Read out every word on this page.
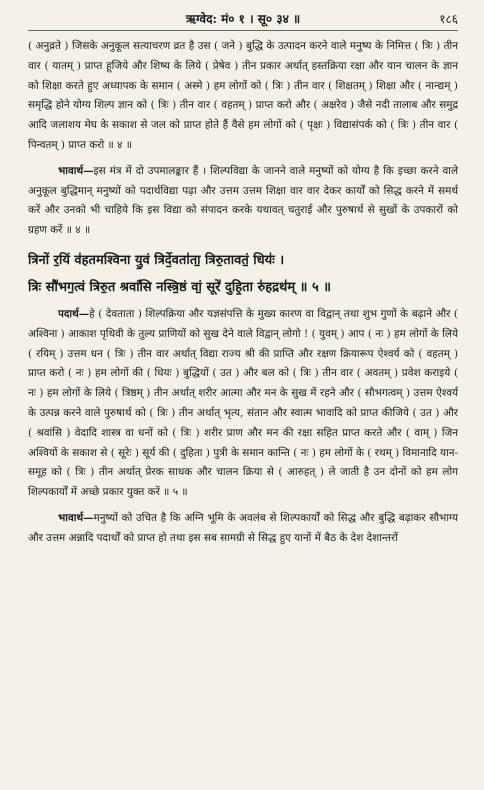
ऋग्वेद: मं० १ । सू० ३४ ॥	१८६

( अनुव्रते ) जिसके अनुकूल सत्याचरण व्रत है उस ( जने ) बुद्धि के उत्पादन करने वाले मनुष्य के निमित्त ( त्रिः ) तीन वार ( यातम् ) प्राप्त हूजिये और शिष्य के लिये ( प्रेषेव ) तीन प्रकार अर्थात् हस्तक्रिया रक्षा और यान चालन के ज्ञान को शिक्षा करते हुए अध्यापक के समान ( अस्मे ) हम लोगों को ( त्रिः ) तीन वार ( शिक्षतम् ) शिक्षा और ( नान्द्यम् ) समृद्धि होने योग्य शिल्प ज्ञान को ( त्रिः ) तीन वार ( वहतम् ) प्राप्त करो और ( अक्षरेव ) जैसे नदी तालाब और समुद्र आदि जलाशय मेघ के सकाश से जल को प्राप्त होते हैं वैसे हम लोगों को ( पृक्षः ) विद्यासंपर्क को ( त्रिः ) तीन वार ( पिन्वतम् ) प्राप्त करो ॥ ४ ॥

भावार्थ—इस मंत्र में दो उपमालङ्कार हैं । शिल्पविद्या के जानने वाले मनुष्यों को योग्य है कि इच्छा करने वाले अनुकूल बुद्धिमान् मनुष्यों को पदार्थविद्या पढ़ा और उत्तम उत्तम शिक्षा वार वार देकर कार्यों को सिद्ध करने में समर्थ करें और उनको भी चाहिये कि इस विद्या को संपादन करके यथावत् चतुराई और पुरुषार्थ से सुखों के उपकारों को ग्रहण करें ॥ ४ ॥

त्रिनों र॒यिं व॑हतमश्विना यु॒वं त्रिर्दे॒वता॑ता॒ त्रिरु॒तावतं॒ धियः॑ ।
त्रिः सौ॑भग॒त्वं त्रिरु॒त श्रवां॑सि नस्त्रि॒ष्ठं वां॒ सूरे॑ दुहि॒ता रु॑हद्रथ॑म् ॥ ५ ॥

पदार्थ—हे ( देवताता ) शिल्पक्रिया और यज्ञसंपत्ति के मुख्य कारण वा विद्वान् तथा शुभ गुणों के बढ़ाने और ( अश्विना ) आकाश पृथिवी के तुल्य प्राणियों को सुख देने वाले विद्वान् लोगो ! ( युवम् ) आप ( नः ) हम लोगों के लिये ( रयिम् ) उत्तम धन ( त्रिः ) तीन वार अर्थात् विद्या राज्य श्री की प्राप्ति और रक्षण क्रियारूप ऐश्वर्य को ( वहतम् ) प्राप्त करो ( नः ) हम लोगों की ( धियः ) बुद्धियों ( उत ) और बल को ( त्रिः ) तीन वार ( अवतम् ) प्रवेश कराइये ( नः ) हम लोगों के लिये ( त्रिष्ठम् ) तीन अर्थात् शरीर आत्मा और मन के सुख में रहने और ( सौभगत्वम् ) उत्तम ऐश्वर्य के उत्पन्न करने वाले पुरुषार्थ को ( त्रिः ) तीन अर्थात् भृत्य, संतान और स्वात्म भावादि को प्राप्त कीजिये ( उत ) और ( श्रवांसि ) वेदादि शास्त्र वा धनों को ( त्रिः ) शरीर प्राण और मन की रक्षा सहित प्राप्त करते और ( वाम् ) जिन अश्वियों के सकाश से ( सूरेः ) सूर्य की ( दुहिता ) पुत्री के समान कान्ति ( नः ) हम लोगों के ( रथम् ) विमानादि यान-समूह को ( त्रिः ) तीन अर्थात् प्रेरक साधक और चालन क्रिया से ( आरुहत् ) ले जाती है उन दोनों को हम लोग शिल्पकार्यों में अच्छे प्रकार युक्त करें ॥ ५ ॥

भावार्थ—मनुष्यों को उचित है कि अग्नि भूमि के अवलंब से शिल्पकार्यों को सिद्ध और बुद्धि बढ़ाकर सौभाग्य और उत्तम अन्नादि पदार्थों को प्राप्त हो तथा इस सब सामग्री से सिद्ध हुए यानों में बैठ के देश देशान्तरों
